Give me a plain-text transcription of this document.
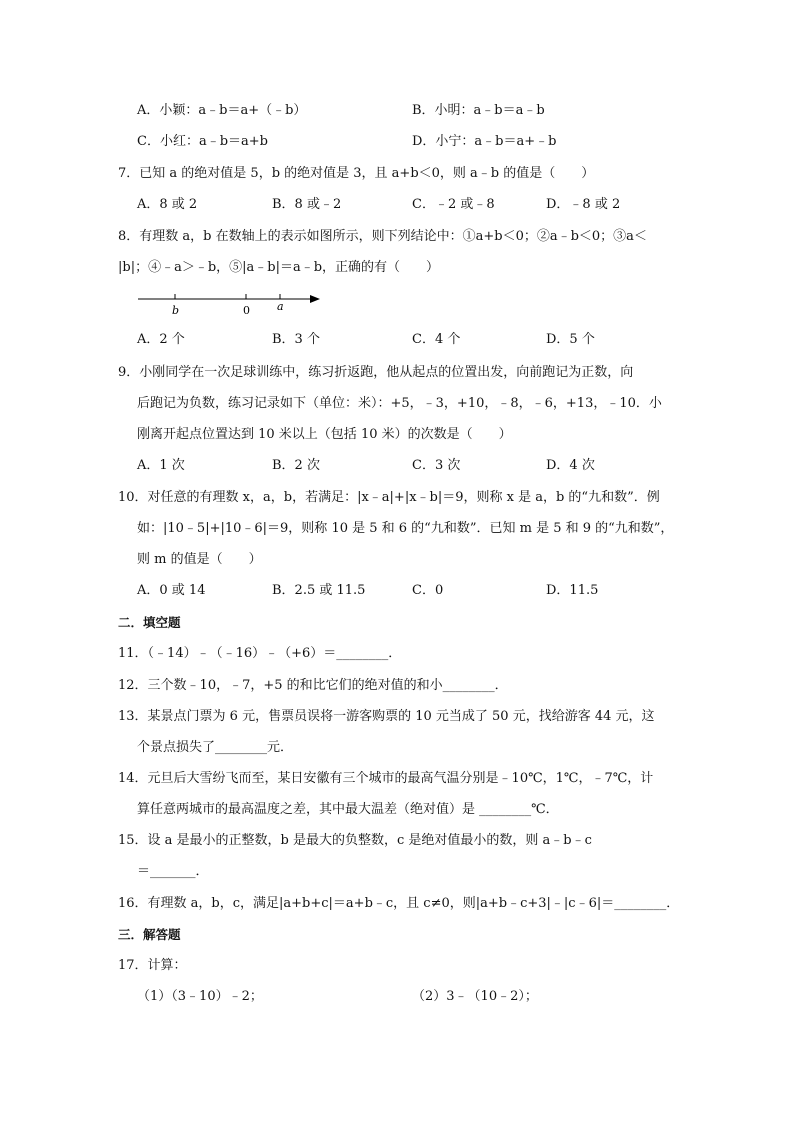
A．小颖：a﹣b＝a+（﹣b）	B．小明：a﹣b＝a﹣b
C．小红：a﹣b＝a+b	D．小宁：a﹣b＝a+﹣b
7．已知 a 的绝对值是 5，b 的绝对值是 3，且 a+b＜0，则 a﹣b 的值是（　　）
A．8 或 2	B．8 或﹣2	C．﹣2 或﹣8	D．﹣8 或 2
8．有理数 a，b 在数轴上的表示如图所示，则下列结论中：①a+b＜0；②a﹣b＜0；③a＜
|b|；④﹣a＞﹣b，⑤|a﹣b|＝a﹣b，正确的有（　　）
b	0 a
A．2 个	B．3 个	C．4 个	D．5 个
9．小刚同学在一次足球训练中，练习折返跑，他从起点的位置出发，向前跑记为正数，向
后跑记为负数，练习记录如下（单位：米）：+5，﹣3，+10，﹣8，﹣6，+13，﹣10．小
刚离开起点位置达到 10 米以上（包括 10 米）的次数是（　　）
A．1 次	B．2 次	C．3 次	D．4 次
10．对任意的有理数 x，a，b，若满足：|x﹣a|+|x﹣b|＝9，则称 x 是 a，b 的“九和数”．例
如：|10﹣5|+|10﹣6|＝9，则称 10 是 5 和 6 的“九和数”．已知 m 是 5 和 9 的“九和数”，
则 m 的值是（　　）
A．0 或 14	B．2.5 或 11.5	C．0	D．11.5
二．填空题
11．（﹣14）﹣（﹣16）﹣（+6）＝________．
12．三个数﹣10，﹣7，+5 的和比它们的绝对值的和小________．
13．某景点门票为 6 元，售票员误将一游客购票的 10 元当成了 50 元，找给游客 44 元，这
个景点损失了________元．
14．元旦后大雪纷飞而至，某日安徽有三个城市的最高气温分别是﹣10℃，1℃，﹣7℃，计
算任意两城市的最高温度之差，其中最大温差（绝对值）是 ________℃．
15．设 a 是最小的正整数，b 是最大的负整数，c 是绝对值最小的数，则 a﹣b﹣c
＝_______．
16．有理数 a，b，c，满足|a+b+c|＝a+b﹣c，且 c≠0，则|a+b﹣c+3|﹣|c﹣6|＝________．
三．解答题
17．计算：
（1）（3﹣10）﹣2；	（2）3﹣（10﹣2）；
